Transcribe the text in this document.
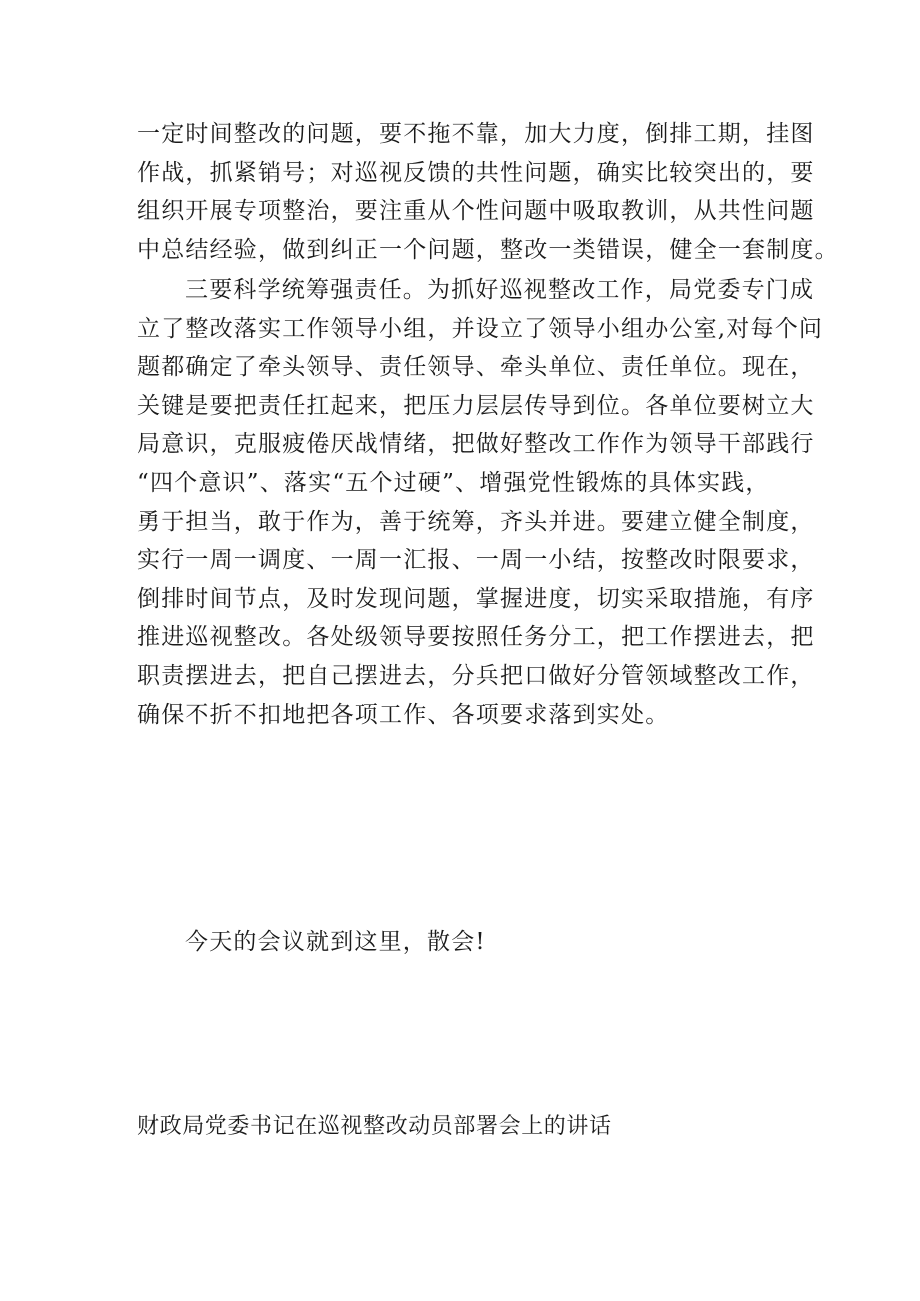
一定时间整改的问题，要不拖不靠，加大力度，倒排工期，挂图
作战，抓紧销号；对巡视反馈的共性问题，确实比较突出的，要
组织开展专项整治，要注重从个性问题中吸取教训，从共性问题
中总结经验，做到纠正一个问题，整改一类错误，健全一套制度。

三要科学统筹强责任。为抓好巡视整改工作，局党委专门成
立了整改落实工作领导小组，并设立了领导小组办公室,对每个问
题都确定了牵头领导、责任领导、牵头单位、责任单位。现在，
关键是要把责任扛起来，把压力层层传导到位。各单位要树立大
局意识，克服疲倦厌战情绪，把做好整改工作作为领导干部践行
“四个意识”、落实“五个过硬”、增强党性锻炼的具体实践，
勇于担当，敢于作为，善于统筹，齐头并进。要建立健全制度，
实行一周一调度、一周一汇报、一周一小结，按整改时限要求，
倒排时间节点，及时发现问题，掌握进度，切实采取措施，有序
推进巡视整改。各处级领导要按照任务分工，把工作摆进去，把
职责摆进去，把自己摆进去，分兵把口做好分管领域整改工作，
确保不折不扣地把各项工作、各项要求落到实处。

今天的会议就到这里，散会!

财政局党委书记在巡视整改动员部署会上的讲话
